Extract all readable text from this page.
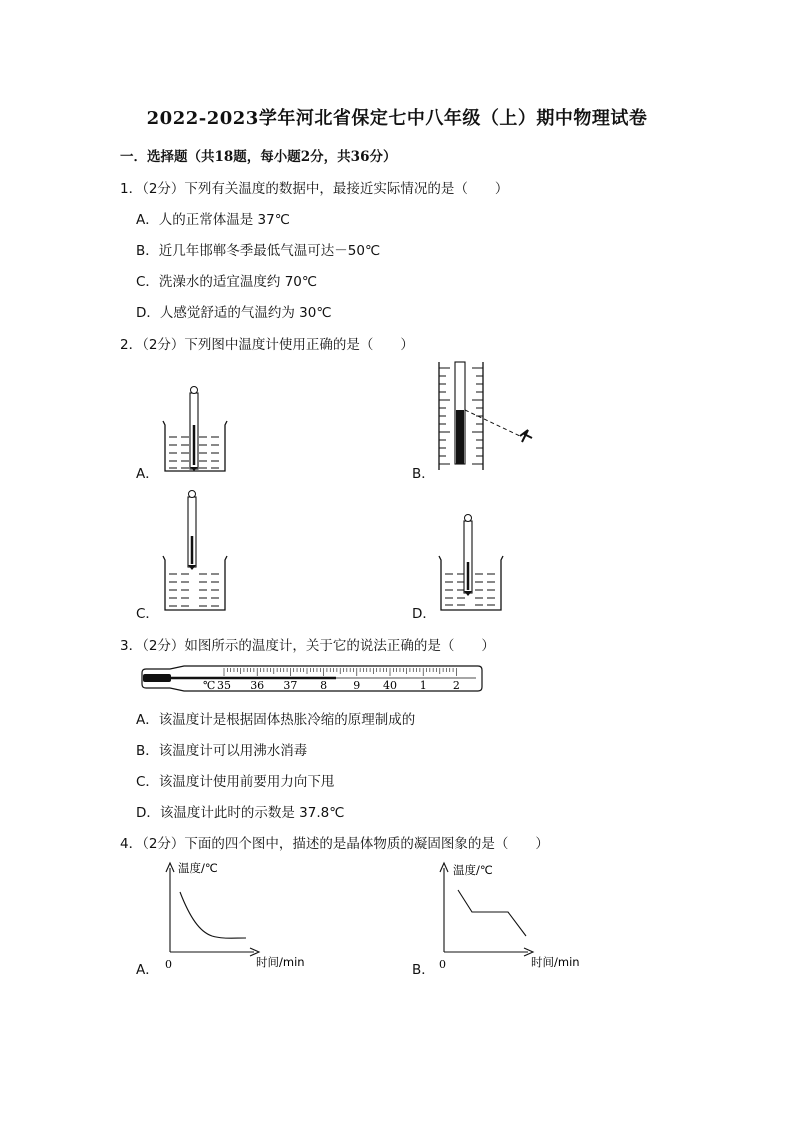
2022-2023学年河北省保定七中八年级（上）期中物理试卷
一．选择题（共18题，每小题2分，共36分）
1．（2分）下列有关温度的数据中，最接近实际情况的是（　　）
A．人的正常体温是 37℃
B．近几年邯郸冬季最低气温可达－50℃
C．洗澡水的适宜温度约 70℃
D．人感觉舒适的气温约为 30℃
2．（2分）下列图中温度计使用正确的是（　　）
A．	B．
C．	D．
3．（2分）如图所示的温度计，关于它的说法正确的是（　　）
35 36 37 8 9 40 1 2
℃
A．该温度计是根据固体热胀冷缩的原理制成的
B．该温度计可以用沸水消毒
C．该温度计使用前要用力向下甩
D．该温度计此时的示数是 37.8℃
4．（2分）下面的四个图中，描述的是晶体物质的凝固图象的是（　　）
温度/℃
0	时间/min
A．
温度/℃
0	时间/min
B．
